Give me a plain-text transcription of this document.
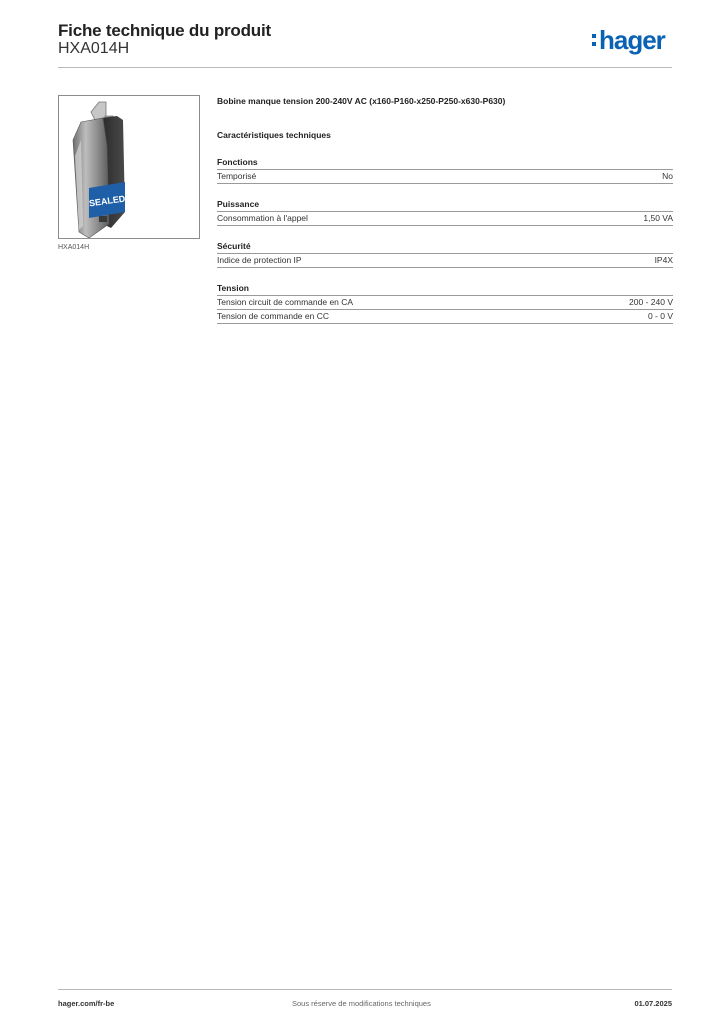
Fiche technique du produit
HXA014H	hager
SEALED
HXA014H
Bobine manque tension 200-240V AC (x160-P160-x250-P250-x630-P630)
Caractéristiques techniques
Fonctions
Temporisé	No
Puissance
Consommation à l'appel	1,50 VA
Sécurité
Indice de protection IP	IP4X
Tension
Tension circuit de commande en CA	200 - 240 V
Tension de commande en CC	0 - 0 V
hager.com/fr-be	Sous réserve de modifications techniques	01.07.2025
